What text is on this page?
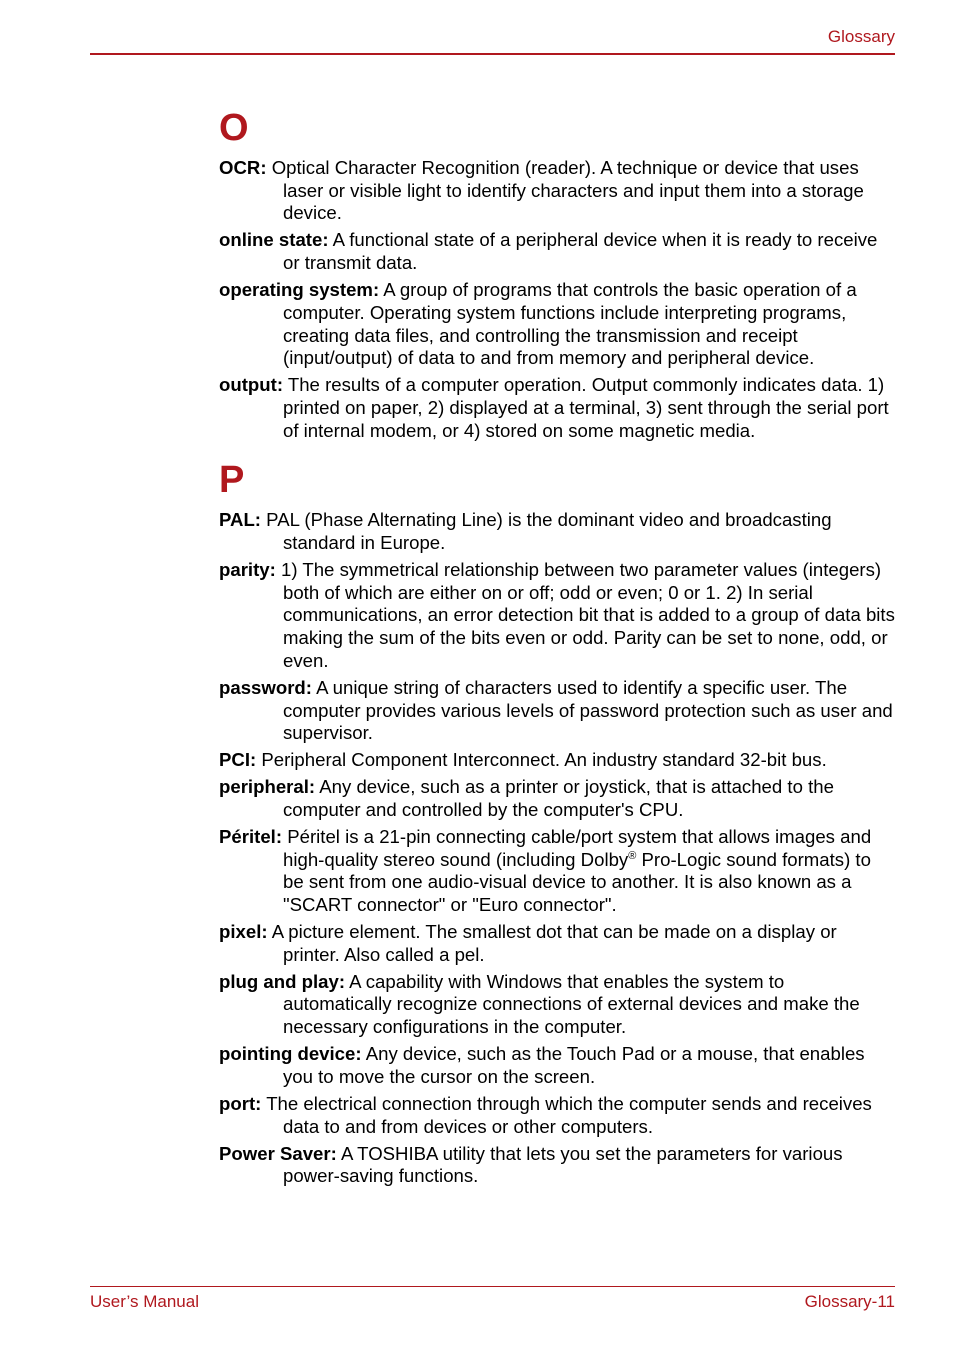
Glossary
O

OCR: Optical Character Recognition (reader). A technique or device that uses laser or visible light to identify characters and input them into a storage device.

online state: A functional state of a peripheral device when it is ready to receive or transmit data.

operating system: A group of programs that controls the basic operation of a computer. Operating system functions include interpreting programs, creating data files, and controlling the transmission and receipt (input/output) of data to and from memory and peripheral device.

output: The results of a computer operation. Output commonly indicates data. 1) printed on paper, 2) displayed at a terminal, 3) sent through the serial port of internal modem, or 4) stored on some magnetic media.

P

PAL: PAL (Phase Alternating Line) is the dominant video and broadcasting standard in Europe.

parity: 1) The symmetrical relationship between two parameter values (integers) both of which are either on or off; odd or even; 0 or 1. 2) In serial communications, an error detection bit that is added to a group of data bits making the sum of the bits even or odd. Parity can be set to none, odd, or even.

password: A unique string of characters used to identify a specific user. The computer provides various levels of password protection such as user and supervisor.

PCI: Peripheral Component Interconnect. An industry standard 32-bit bus.

peripheral: Any device, such as a printer or joystick, that is attached to the computer and controlled by the computer's CPU.

Péritel: Péritel is a 21-pin connecting cable/port system that allows images and high-quality stereo sound (including Dolby® Pro-Logic sound formats) to be sent from one audio-visual device to another. It is also known as a "SCART connector" or "Euro connector".

pixel: A picture element. The smallest dot that can be made on a display or printer. Also called a pel.

plug and play: A capability with Windows that enables the system to automatically recognize connections of external devices and make the necessary configurations in the computer.

pointing device: Any device, such as the Touch Pad or a mouse, that enables you to move the cursor on the screen.

port: The electrical connection through which the computer sends and receives data to and from devices or other computers.

Power Saver: A TOSHIBA utility that lets you set the parameters for various power-saving functions.

User’s Manual	Glossary-11
